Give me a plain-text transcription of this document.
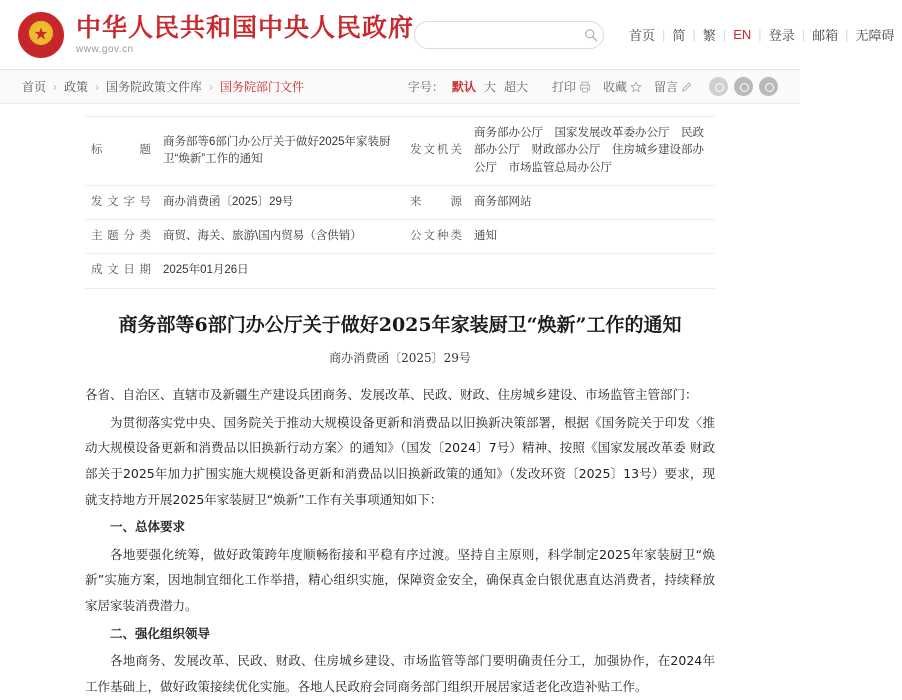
★
中华人民共和国中央人民政府
www.gov.cn
首页 | 简 | 繁 | EN | 登录 | 邮箱 | 无障碍
首页 › 政策 › 国务院政策文件库 › 国务院部门文件	字号： 默认 大 超大 打印 收藏 留言
标　题	商务部等6部门办公厅关于做好2025年家装厨卫“焕新”工作的通知	发文机关	商务部办公厅　国家发展改革委办公厅　民政部办公厅　财政部办公厅　住房城乡建设部办公厅　市场监管总局办公厅
发文字号	商办消费函〔2025〕29号	来　源	商务部网站
主题分类	商贸、海关、旅游\国内贸易（含供销）	公文种类	通知
成文日期	2025年01月26日		
商务部等6部门办公厅关于做好2025年家装厨卫“焕新”工作的通知
商办消费函〔2025〕29号

各省、自治区、直辖市及新疆生产建设兵团商务、发展改革、民政、财政、住房城乡建设、市场监管主管部门：

为贯彻落实党中央、国务院关于推动大规模设备更新和消费品以旧换新决策部署，根据《国务院关于印发〈推动大规模设备更新和消费品以旧换新行动方案〉的通知》（国发〔2024〕7号）精神、按照《国家发展改革委 财政部关于2025年加力扩围实施大规模设备更新和消费品以旧换新政策的通知》（发改环资〔2025〕13号）要求，现就支持地方开展2025年家装厨卫“焕新”工作有关事项通知如下：

一、总体要求

各地要强化统筹，做好政策跨年度顺畅衔接和平稳有序过渡。坚持自主原则，科学制定2025年家装厨卫“焕新”实施方案，因地制宜细化工作举措，精心组织实施，保障资金安全，确保真金白银优惠直达消费者，持续释放家居家装消费潜力。

二、强化组织领导

各地商务、发展改革、民政、财政、住房城乡建设、市场监管等部门要明确责任分工，加强协作，在2024年工作基础上，做好政策接续优化实施。各地人民政府会同商务部门组织开展居家适老化改造补贴工作。
